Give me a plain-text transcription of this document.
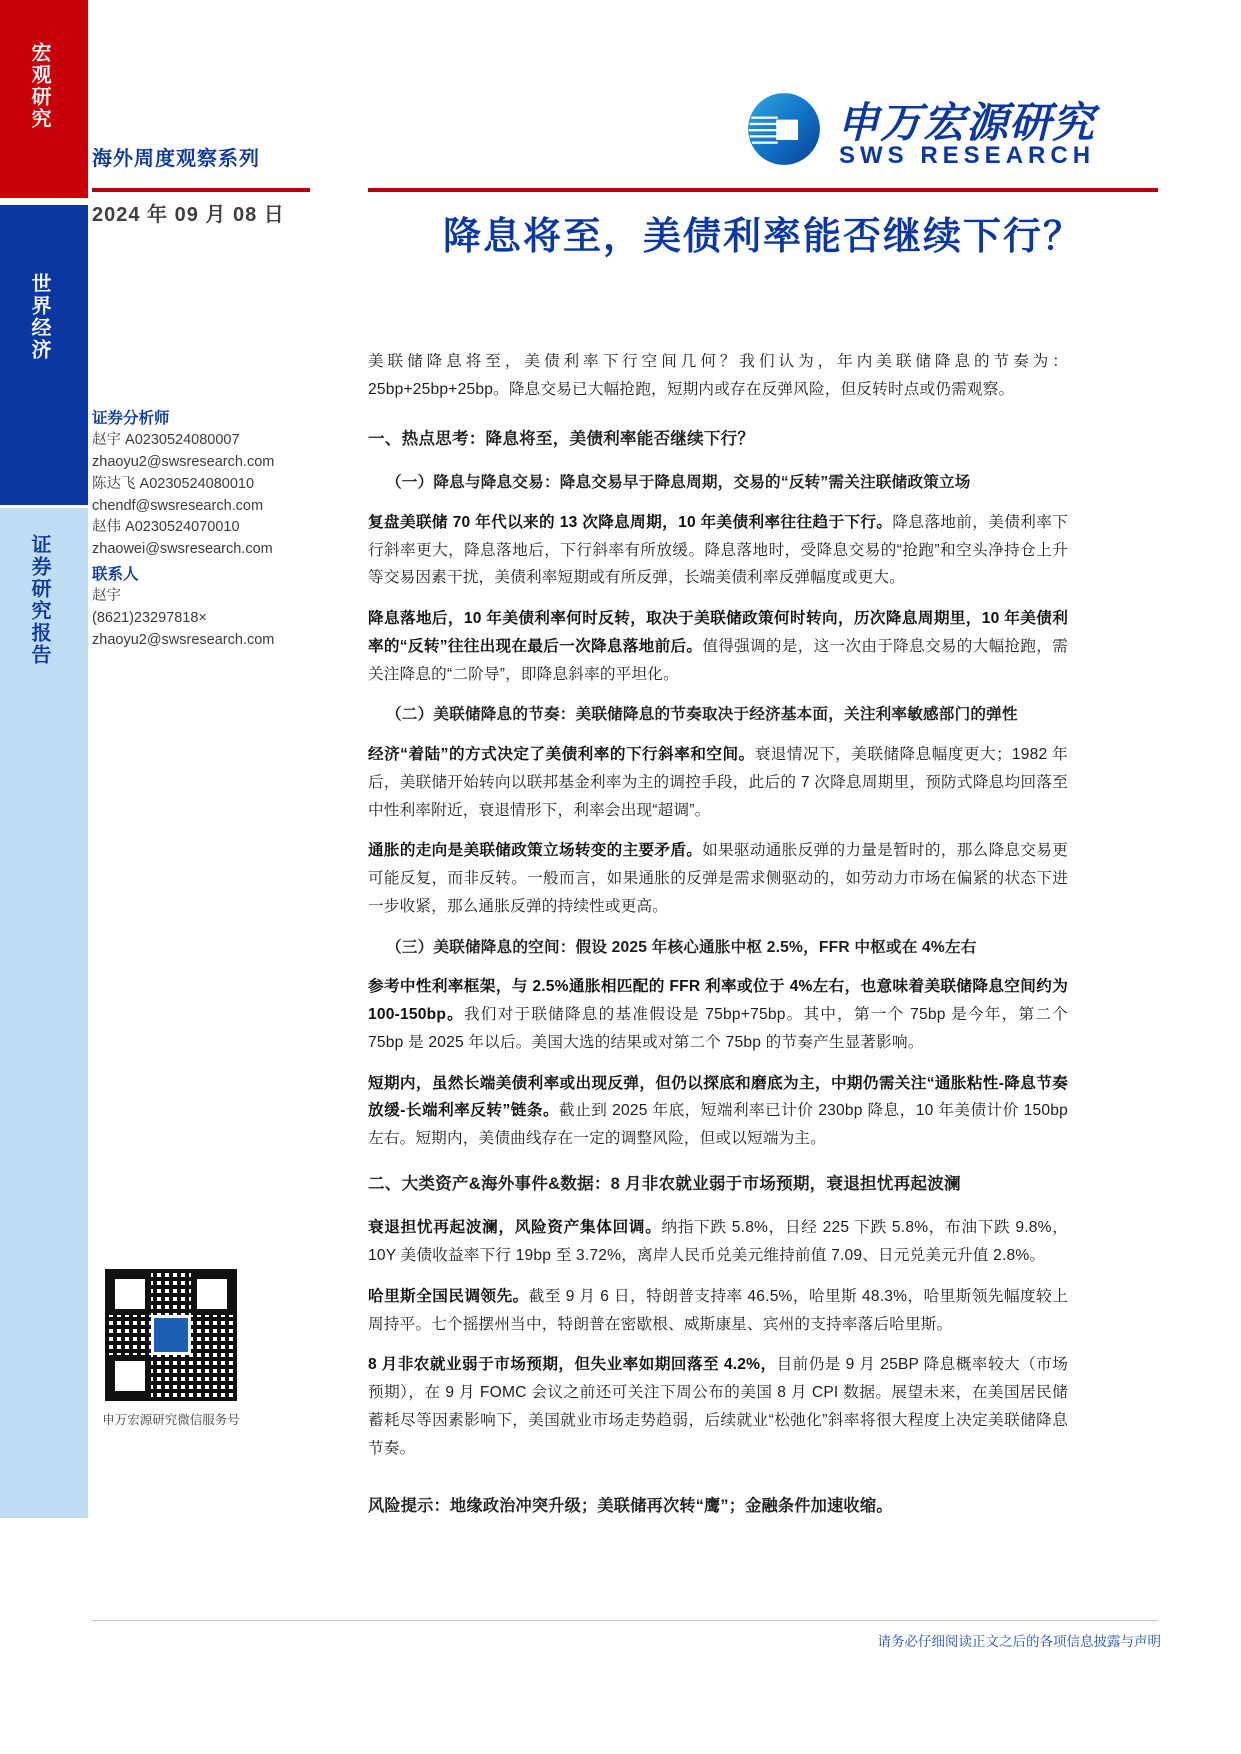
宏观研究
世界经济
证券研究报告
海外周度观察系列
2024 年 09 月 08 日
申万宏源研究
SWS RESEARCH
降息将至，美债利率能否继续下行？
证券分析师
赵宇 A0230524080007
zhaoyu2@swsresearch.com
陈达飞 A0230524080010
chendf@swsresearch.com
赵伟 A0230524070010
zhaowei@swsresearch.com
联系人
赵宇
(8621)23297818×
zhaoyu2@swsresearch.com
申万宏源研究微信服务号

美联储降息将至，美债利率下行空间几何？我们认为，年内美联储降息的节奏为：25bp+25bp+25bp。降息交易已大幅抢跑，短期内或存在反弹风险，但反转时点或仍需观察。

一、热点思考：降息将至，美债利率能否继续下行？

（一）降息与降息交易：降息交易早于降息周期，交易的“反转”需关注联储政策立场

复盘美联储 70 年代以来的 13 次降息周期，10 年美债利率往往趋于下行。降息落地前，美债利率下行斜率更大，降息落地后，下行斜率有所放缓。降息落地时，受降息交易的“抢跑”和空头净持仓上升等交易因素干扰，美债利率短期或有所反弹，长端美债利率反弹幅度或更大。

降息落地后，10 年美债利率何时反转，取决于美联储政策何时转向，历次降息周期里，10 年美债利率的“反转”往往出现在最后一次降息落地前后。值得强调的是，这一次由于降息交易的大幅抢跑，需关注降息的“二阶导”，即降息斜率的平坦化。

（二）美联储降息的节奏：美联储降息的节奏取决于经济基本面，关注利率敏感部门的弹性

经济“着陆”的方式决定了美债利率的下行斜率和空间。衰退情况下，美联储降息幅度更大；1982 年后，美联储开始转向以联邦基金利率为主的调控手段，此后的 7 次降息周期里，预防式降息均回落至中性利率附近，衰退情形下，利率会出现“超调”。

通胀的走向是美联储政策立场转变的主要矛盾。如果驱动通胀反弹的力量是暂时的，那么降息交易更可能反复，而非反转。一般而言，如果通胀的反弹是需求侧驱动的，如劳动力市场在偏紧的状态下进一步收紧，那么通胀反弹的持续性或更高。

（三）美联储降息的空间：假设 2025 年核心通胀中枢 2.5%，FFR 中枢或在 4%左右

参考中性利率框架，与 2.5%通胀相匹配的 FFR 利率或位于 4%左右，也意味着美联储降息空间约为 100-150bp。我们对于联储降息的基准假设是 75bp+75bp。其中，第一个 75bp 是今年，第二个 75bp 是 2025 年以后。美国大选的结果或对第二个 75bp 的节奏产生显著影响。

短期内，虽然长端美债利率或出现反弹，但仍以探底和磨底为主，中期仍需关注“通胀粘性-降息节奏放缓-长端利率反转”链条。截止到 2025 年底，短端利率已计价 230bp 降息，10 年美债计价 150bp 左右。短期内，美债曲线存在一定的调整风险，但或以短端为主。

二、大类资产&海外事件&数据：8 月非农就业弱于市场预期，衰退担忧再起波澜

衰退担忧再起波澜，风险资产集体回调。纳指下跌 5.8%，日经 225 下跌 5.8%，布油下跌 9.8%，10Y 美债收益率下行 19bp 至 3.72%，离岸人民币兑美元维持前值 7.09、日元兑美元升值 2.8%。

哈里斯全国民调领先。截至 9 月 6 日，特朗普支持率 46.5%，哈里斯 48.3%，哈里斯领先幅度较上周持平。七个摇摆州当中，特朗普在密歇根、威斯康星、宾州的支持率落后哈里斯。

8 月非农就业弱于市场预期，但失业率如期回落至 4.2%，目前仍是 9 月 25BP 降息概率较大（市场预期），在 9 月 FOMC 会议之前还可关注下周公布的美国 8 月 CPI 数据。展望未来，在美国居民储蓄耗尽等因素影响下，美国就业市场走势趋弱，后续就业“松弛化”斜率将很大程度上决定美联储降息节奏。

风险提示：地缘政治冲突升级；美联储再次转“鹰”；金融条件加速收缩。

请务必仔细阅读正文之后的各项信息披露与声明
